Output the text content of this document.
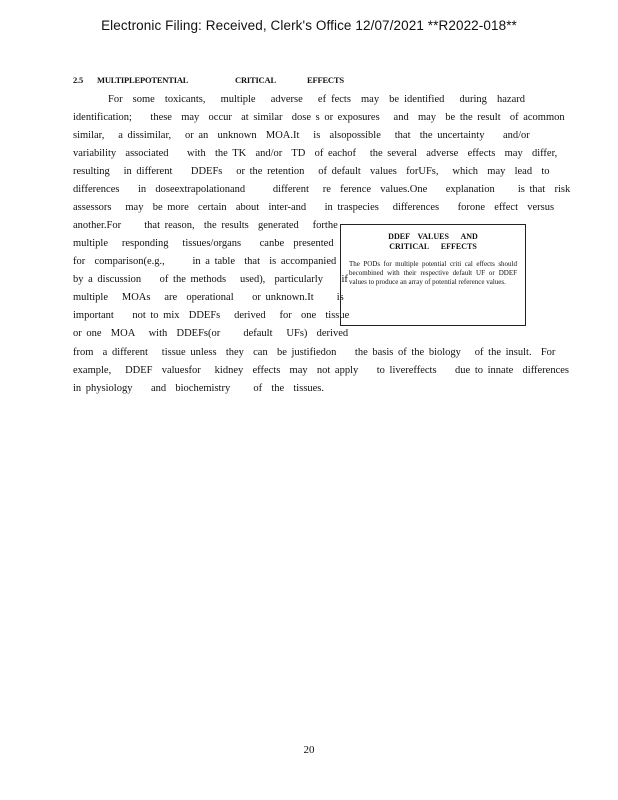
Electronic Filing: Received, Clerk's Office 12/07/2021 **R2022-018**
2.5 MULTIPLEPOTENTIAL	CRITICAL	EFFECTS
For  some  toxicants,   multiple   adverse   ef fects  may  be identified   during  hazard
identification;    these  may  occur  at similar  dose s or exposures   and  may  be the result  of acommon
similar,   a dissimilar,   or an  unknown  MOA.It   is  alsopossible   that  the uncertainty    and/or
variability  associated    with  the TK  and/or  TD  of eachof   the several  adverse  effects  may  differ,
resulting   in different    DDEFs   or the retention   of default  values  forUFs,   which  may  lead  to
differences    in  doseextrapolationand      different   re  ference  values.One    explanation     is that  risk
assessors   may  be more  certain  about  inter-and    in traspecies   differences    forone  effect  versus
another.For     that reason,  the results  generated   forthe
multiple   responding   tissues/organs    canbe  presented
for  comparison(e.g.,      in a table  that  is accompanied
by a discussion    of the methods   used),  particularly    if
multiple   MOAs   are  operational    or unknown.It     is
important    not to mix  DDEFs   derived   for  one  tissue
or one  MOA   with  DDEFs(or     default   UFs)  derived
from  a different   tissue unless  they  can  be justifiedon    the basis of the biology   of the insult.  For
example,   DDEF  valuesfor   kidney  effects  may  not apply    to livereffects    due to innate  differences
in physiology    and  biochemistry     of  the  tissues.
DDEF    VALUES      AND
CRITICAL      EFFECTS
The PODs for multiple potential criti cal effects should becombined with their respective default UF or DDEF values to produce an array of potential reference values.
20
